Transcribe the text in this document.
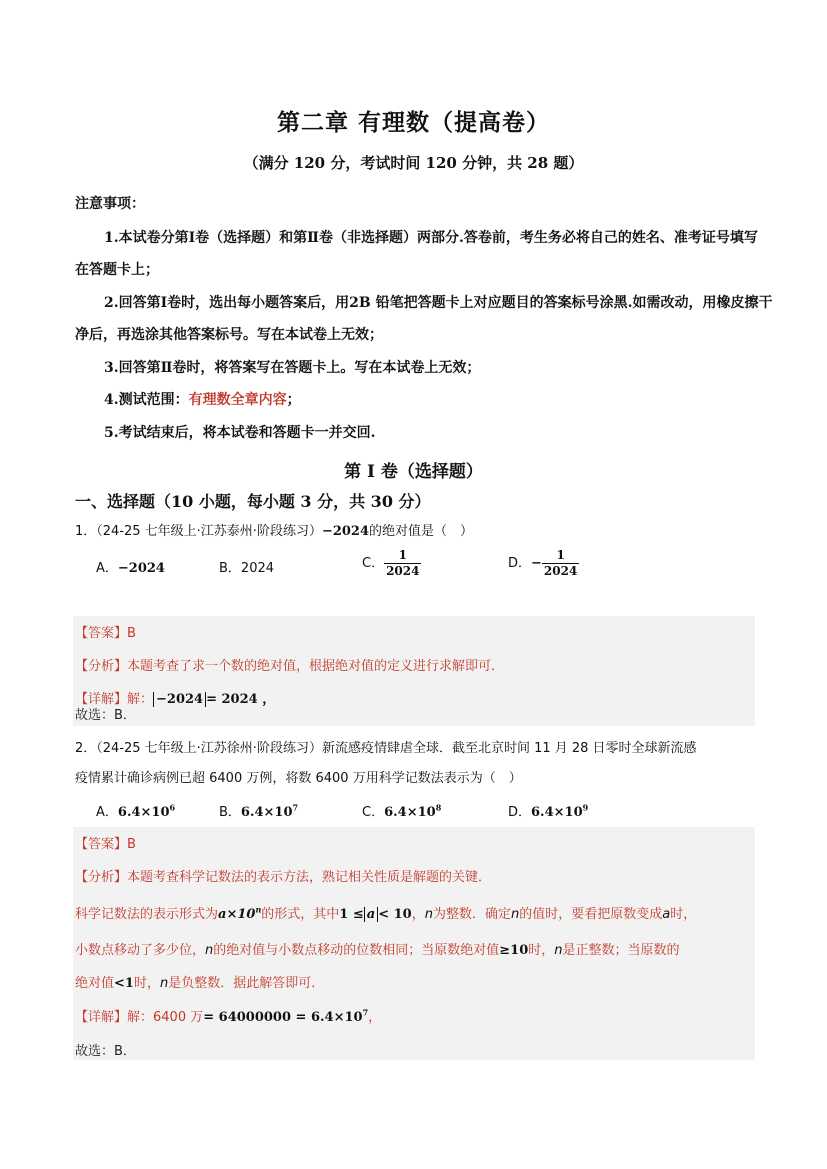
第二章 有理数（提高卷）
（满分 120 分，考试时间 120 分钟，共 28 题）
注意事项：
1.本试卷分第Ⅰ卷（选择题）和第Ⅱ卷（非选择题）两部分.答卷前，考生务必将自己的姓名、准考证号填写
在答题卡上；
2.回答第Ⅰ卷时，选出每小题答案后，用2B 铅笔把答题卡上对应题目的答案标号涂黑.如需改动，用橡皮擦干
净后，再选涂其他答案标号。写在本试卷上无效；
3.回答第Ⅱ卷时，将答案写在答题卡上。写在本试卷上无效；
4.测试范围：有理数全章内容；
5.考试结束后，将本试卷和答题卡一并交回.
第 I 卷（选择题）
一、选择题（10 小题，每小题 3 分，共 30 分）
1．（24-25 七年级上·江苏泰州·阶段练习）−2024的绝对值是（　）
A．−2024	B．2024	C． $\frac{1}{2024}$	D．− $\frac{1}{2024}$
【答案】B
【分析】本题考查了求一个数的绝对值，根据绝对值的定义进行求解即可．
【详解】解： −2024 = 2024 ，
故选：B．
2．（24-25 七年级上·江苏徐州·阶段练习）新流感疫情肆虐全球．截至北京时间 11 月 28 日零时全球新流感
疫情累计确诊病例已超 6400 万例，将数 6400 万用科学记数法表示为（　）
A．$6.4\times 10^6$	B．$6.4\times 10^7$	C．$6.4\times 10^8$	D．$6.4\times 10^9$
【答案】B
【分析】本题考查科学记数法的表示方法，熟记相关性质是解题的关键．
科学记数法的表示形式为$a\times 10^n$的形式，其中1 ≤ a < 10，n为整数．确定n的值时，要看把原数变成a时，
小数点移动了多少位，n的绝对值与小数点移动的位数相同；当原数绝对值≥10时，n是正整数；当原数的
绝对值<1时，n是负整数．据此解答即可．
【详解】解：6400 万= $64000000 = 6.4\times 10^7$，
故选：B．
